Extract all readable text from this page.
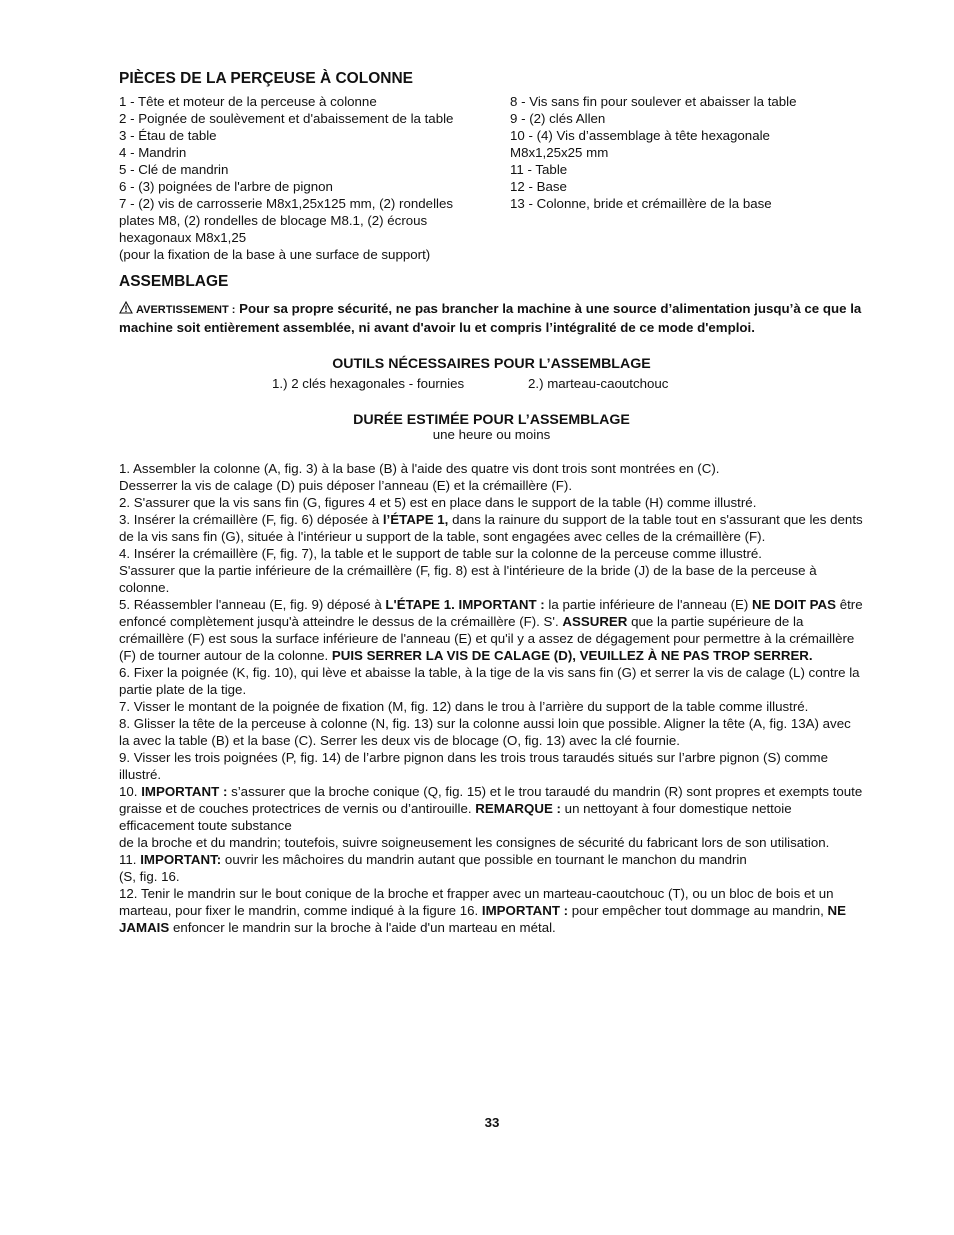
PIÈCES DE LA PERÇEUSE À COLONNE
1 - Tête et moteur de la perceuse à colonne
2 - Poignée de soulèvement et d'abaissement de la table
3 - Étau de table
4 - Mandrin
5 - Clé de mandrin
6 - (3) poignées de l'arbre de pignon
7 - (2) vis de carrosserie M8x1,25x125 mm, (2) rondelles
plates M8, (2) rondelles de blocage M8.1, (2) écrous
hexagonaux M8x1,25
(pour la fixation de la base à une surface de support)
8 - Vis sans fin pour soulever et abaisser la table
9 - (2) clés Allen
10 - (4) Vis d’assemblage à tête hexagonale
M8x1,25x25 mm
11 - Table
12 - Base
13 - Colonne, bride et crémaillère de la base
ASSEMBLAGE
AVERTISSEMENT : Pour sa propre sécurité, ne pas brancher la machine à une source d’alimentation jusqu’à ce que la machine soit entièrement assemblée, ni avant d'avoir lu et compris l’intégralité de ce mode d'emploi.
OUTILS NÉCESSAIRES POUR L’ASSEMBLAGE
1.) 2 clés hexagonales - fournies	2.) marteau-caoutchouc
DURÉE ESTIMÉE POUR L’ASSEMBLAGE
une heure ou moins

1. Assembler la colonne (A, fig. 3) à la base (B) à l'aide des quatre vis dont trois sont montrées en (C).
Desserrer la vis de calage (D) puis déposer l’anneau (E) et la crémaillère (F).

2. S'assurer que la vis sans fin (G, figures 4 et 5) est en place dans le support de la table (H) comme illustré.

3. Insérer la crémaillère (F, fig. 6) déposée à l’ÉTAPE 1, dans la rainure du support de la table tout en s'assurant que les dents de la vis sans fin (G), située à l'intérieur u support de la table, sont engagées avec celles de la crémaillère (F).

4. Insérer la crémaillère (F, fig. 7), la table et le support de table sur la colonne de la perceuse comme illustré.
S'assurer que la partie inférieure de la crémaillère (F, fig. 8) est à l'intérieure de la bride (J) de la base de la perceuse à colonne.

5. Réassembler l'anneau (E, fig. 9) déposé à L'ÉTAPE 1. IMPORTANT : la partie inférieure de l'anneau (E) NE DOIT PAS être enfoncé complètement jusqu'à atteindre le dessus de la crémaillère (F). S'. ASSURER que la partie supérieure de la crémaillère (F) est sous la surface inférieure de l'anneau (E) et qu'il y a assez de dégagement pour permettre à la crémaillère (F) de tourner autour de la colonne. PUIS SERRER LA VIS DE CALAGE (D), VEUILLEZ À NE PAS TROP SERRER.

6. Fixer la poignée (K, fig. 10), qui lève et abaisse la table, à la tige de la vis sans fin (G) et serrer la vis de calage (L) contre la partie plate de la tige.

7. Visser le montant de la poignée de fixation (M, fig. 12) dans le trou à l’arrière du support de la table comme illustré.

8. Glisser la tête de la perceuse à colonne (N, fig. 13) sur la colonne aussi loin que possible. Aligner la tête (A, fig. 13A) avec la avec la table (B) et la base (C). Serrer les deux vis de blocage (O, fig. 13) avec la clé fournie.

9. Visser les trois poignées (P, fig. 14) de l’arbre pignon dans les trois trous taraudés situés sur l’arbre pignon (S) comme illustré.

10. IMPORTANT : s’assurer que la broche conique (Q, fig. 15) et le trou taraudé du mandrin (R) sont propres et exempts toute graisse et de couches protectrices de vernis ou d’antirouille. REMARQUE : un nettoyant à four domestique nettoie efficacement toute substance
de la broche et du mandrin; toutefois, suivre soigneusement les consignes de sécurité du fabricant lors de son utilisation.

11. IMPORTANT: ouvrir les mâchoires du mandrin autant que possible en tournant le manchon du mandrin
(S, fig. 16.

12. Tenir le mandrin sur le bout conique de la broche et frapper avec un marteau-caoutchouc (T), ou un bloc de bois et un marteau, pour fixer le mandrin, comme indiqué à la figure 16. IMPORTANT : pour empêcher tout dommage au mandrin, NE JAMAIS enfoncer le mandrin sur la broche à l'aide d'un marteau en métal.

33
